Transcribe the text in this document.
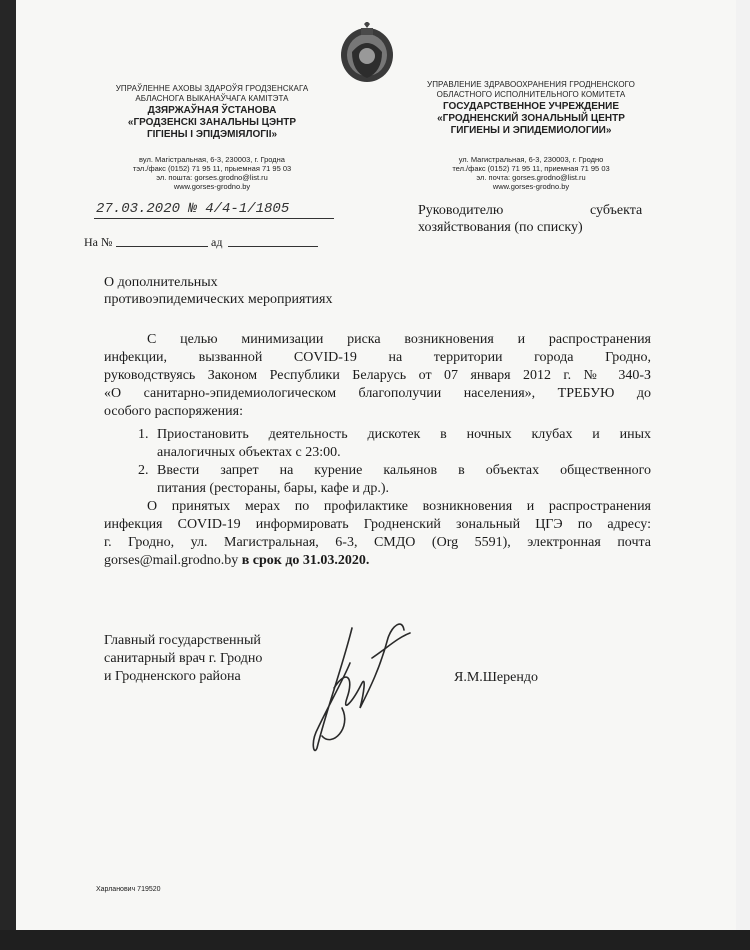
УПРАЎЛЕННЕ АХОВЫ ЗДАРОЎЯ ГРОДЗЕНСКАГА
АБЛАСНОГА ВЫКАНАЎЧАГА КАМІТЭТА
ДЗЯРЖАЎНАЯ ЎСТАНОВА
«ГРОДЗЕНСКІ ЗАНАЛЬНЫ ЦЭНТР
ГІГІЕНЫ І ЭПІДЭМІЯЛОГІІ»
вул. Магістральная, 6-3, 230003, г. Гродна
тэл./факс (0152) 71 95 11, прыемная 71 95 03
эл. пошта: gorses.grodno@list.ru
www.gorses-grodno.by
УПРАВЛЕНИЕ ЗДРАВООХРАНЕНИЯ ГРОДНЕНСКОГО
ОБЛАСТНОГО ИСПОЛНИТЕЛЬНОГО КОМИТЕТА
ГОСУДАРСТВЕННОЕ УЧРЕЖДЕНИЕ
«ГРОДНЕНСКИЙ ЗОНАЛЬНЫЙ ЦЕНТР
ГИГИЕНЫ И ЭПИДЕМИОЛОГИИ»
ул. Магистральная, 6-3, 230003, г. Гродно
тел./факс (0152) 71 95 11, приемная 71 95 03
эл. почта: gorses.grodno@list.ru
www.gorses-grodno.by
27.03.2020 № 4/4-1/1805
На №	ад
Руководителю	субъекта
хозяйствования (по списку)
О дополнительных
противоэпидемических мероприятиях
С целью минимизации риска возникновения и распространения
инфекции, вызванной COVID-19 на территории города Гродно,
руководствуясь Законом Республики Беларусь от 07 января 2012 г. № 340-З
«О санитарно-эпидемиологическом благополучии населения», ТРЕБУЮ до
особого распоряжения:
1. Приостановить деятельность дискотек в ночных клубах и иных
аналогичных объектах с 23:00.
2. Ввести запрет на курение кальянов в объектах общественного
питания (рестораны, бары, кафе и др.).
О принятых мерах по профилактике возникновения и распространения
инфекция COVID-19 информировать Гродненский зональный ЦГЭ по адресу:
г. Гродно, ул. Магистральная, 6-3, СМДО (Org 5591), электронная почта
gorses@mail.grodno.by в срок до 31.03.2020.
Главный государственный
санитарный врач г. Гродно
и Гродненского района	Я.М.Шерендо
Харланович 719520
